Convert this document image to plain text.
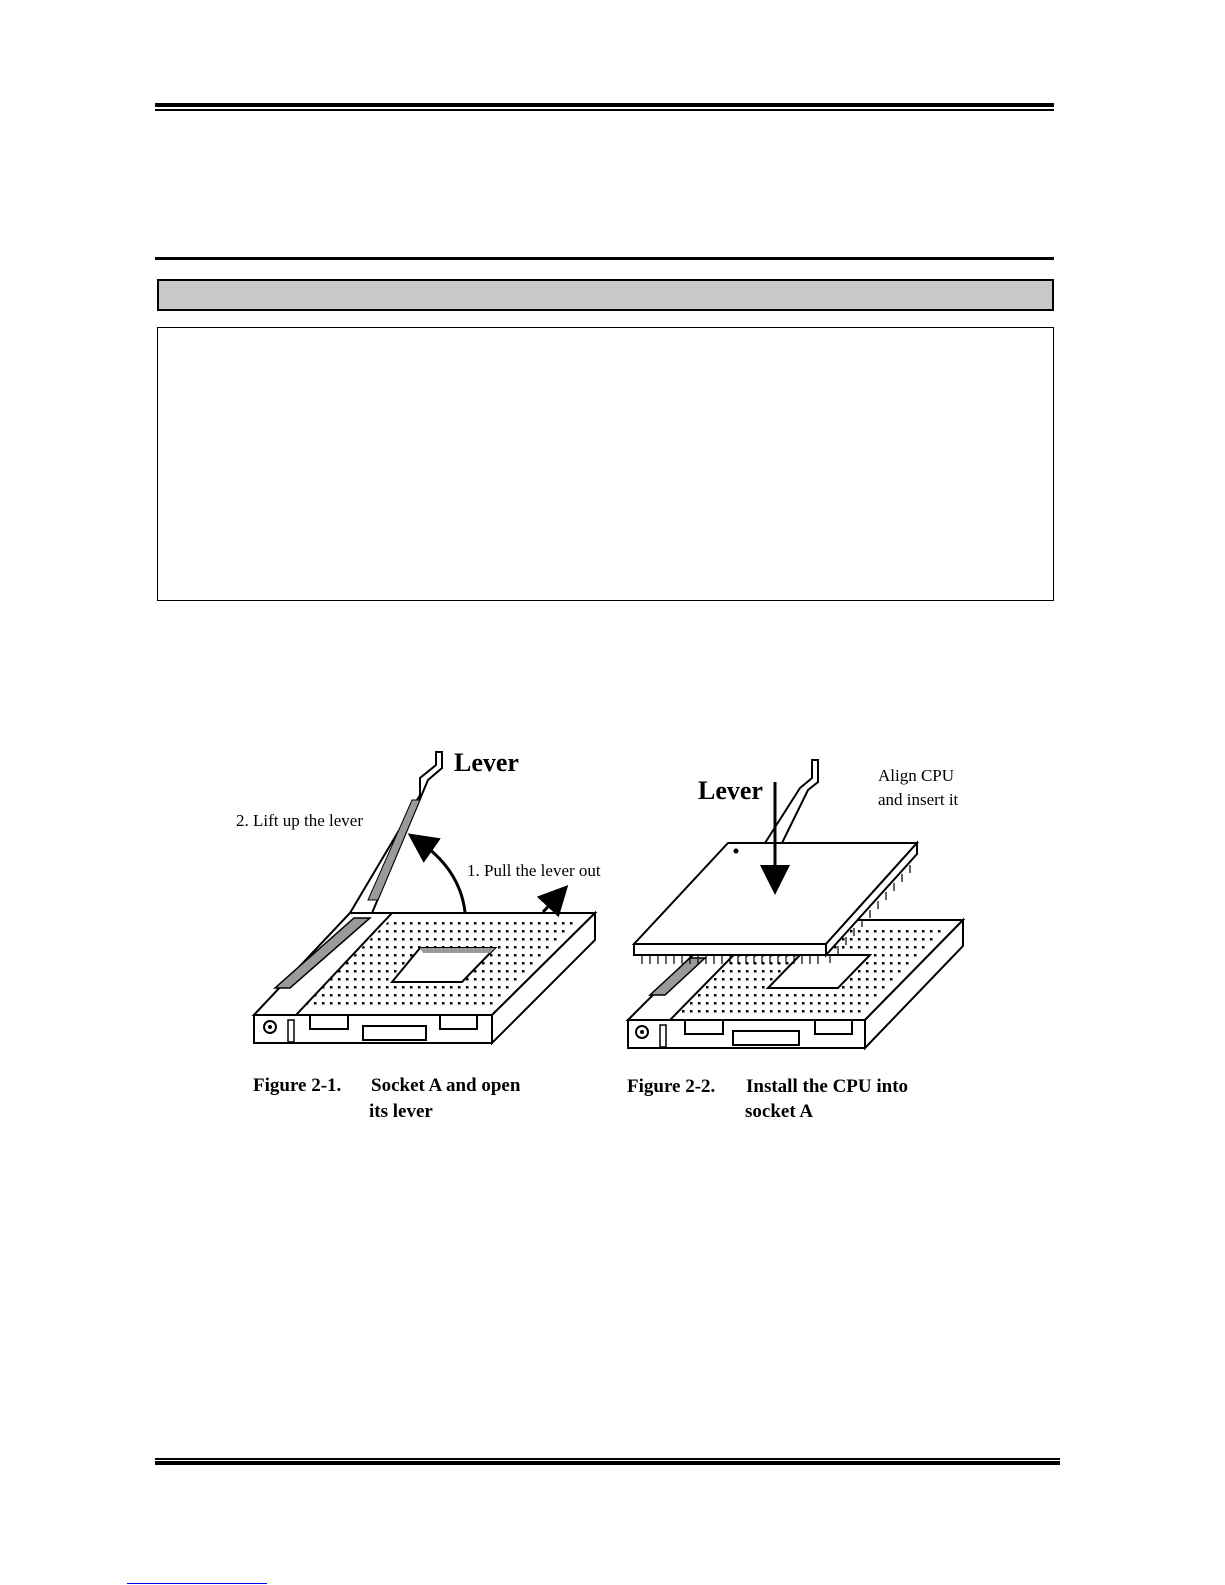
Lever
2. Lift up the lever
1. Pull the lever out
Figure 2-1. Socket A and open
its lever
Lever
Align CPU
and insert it
Figure 2-2. Install the CPU into
socket A
